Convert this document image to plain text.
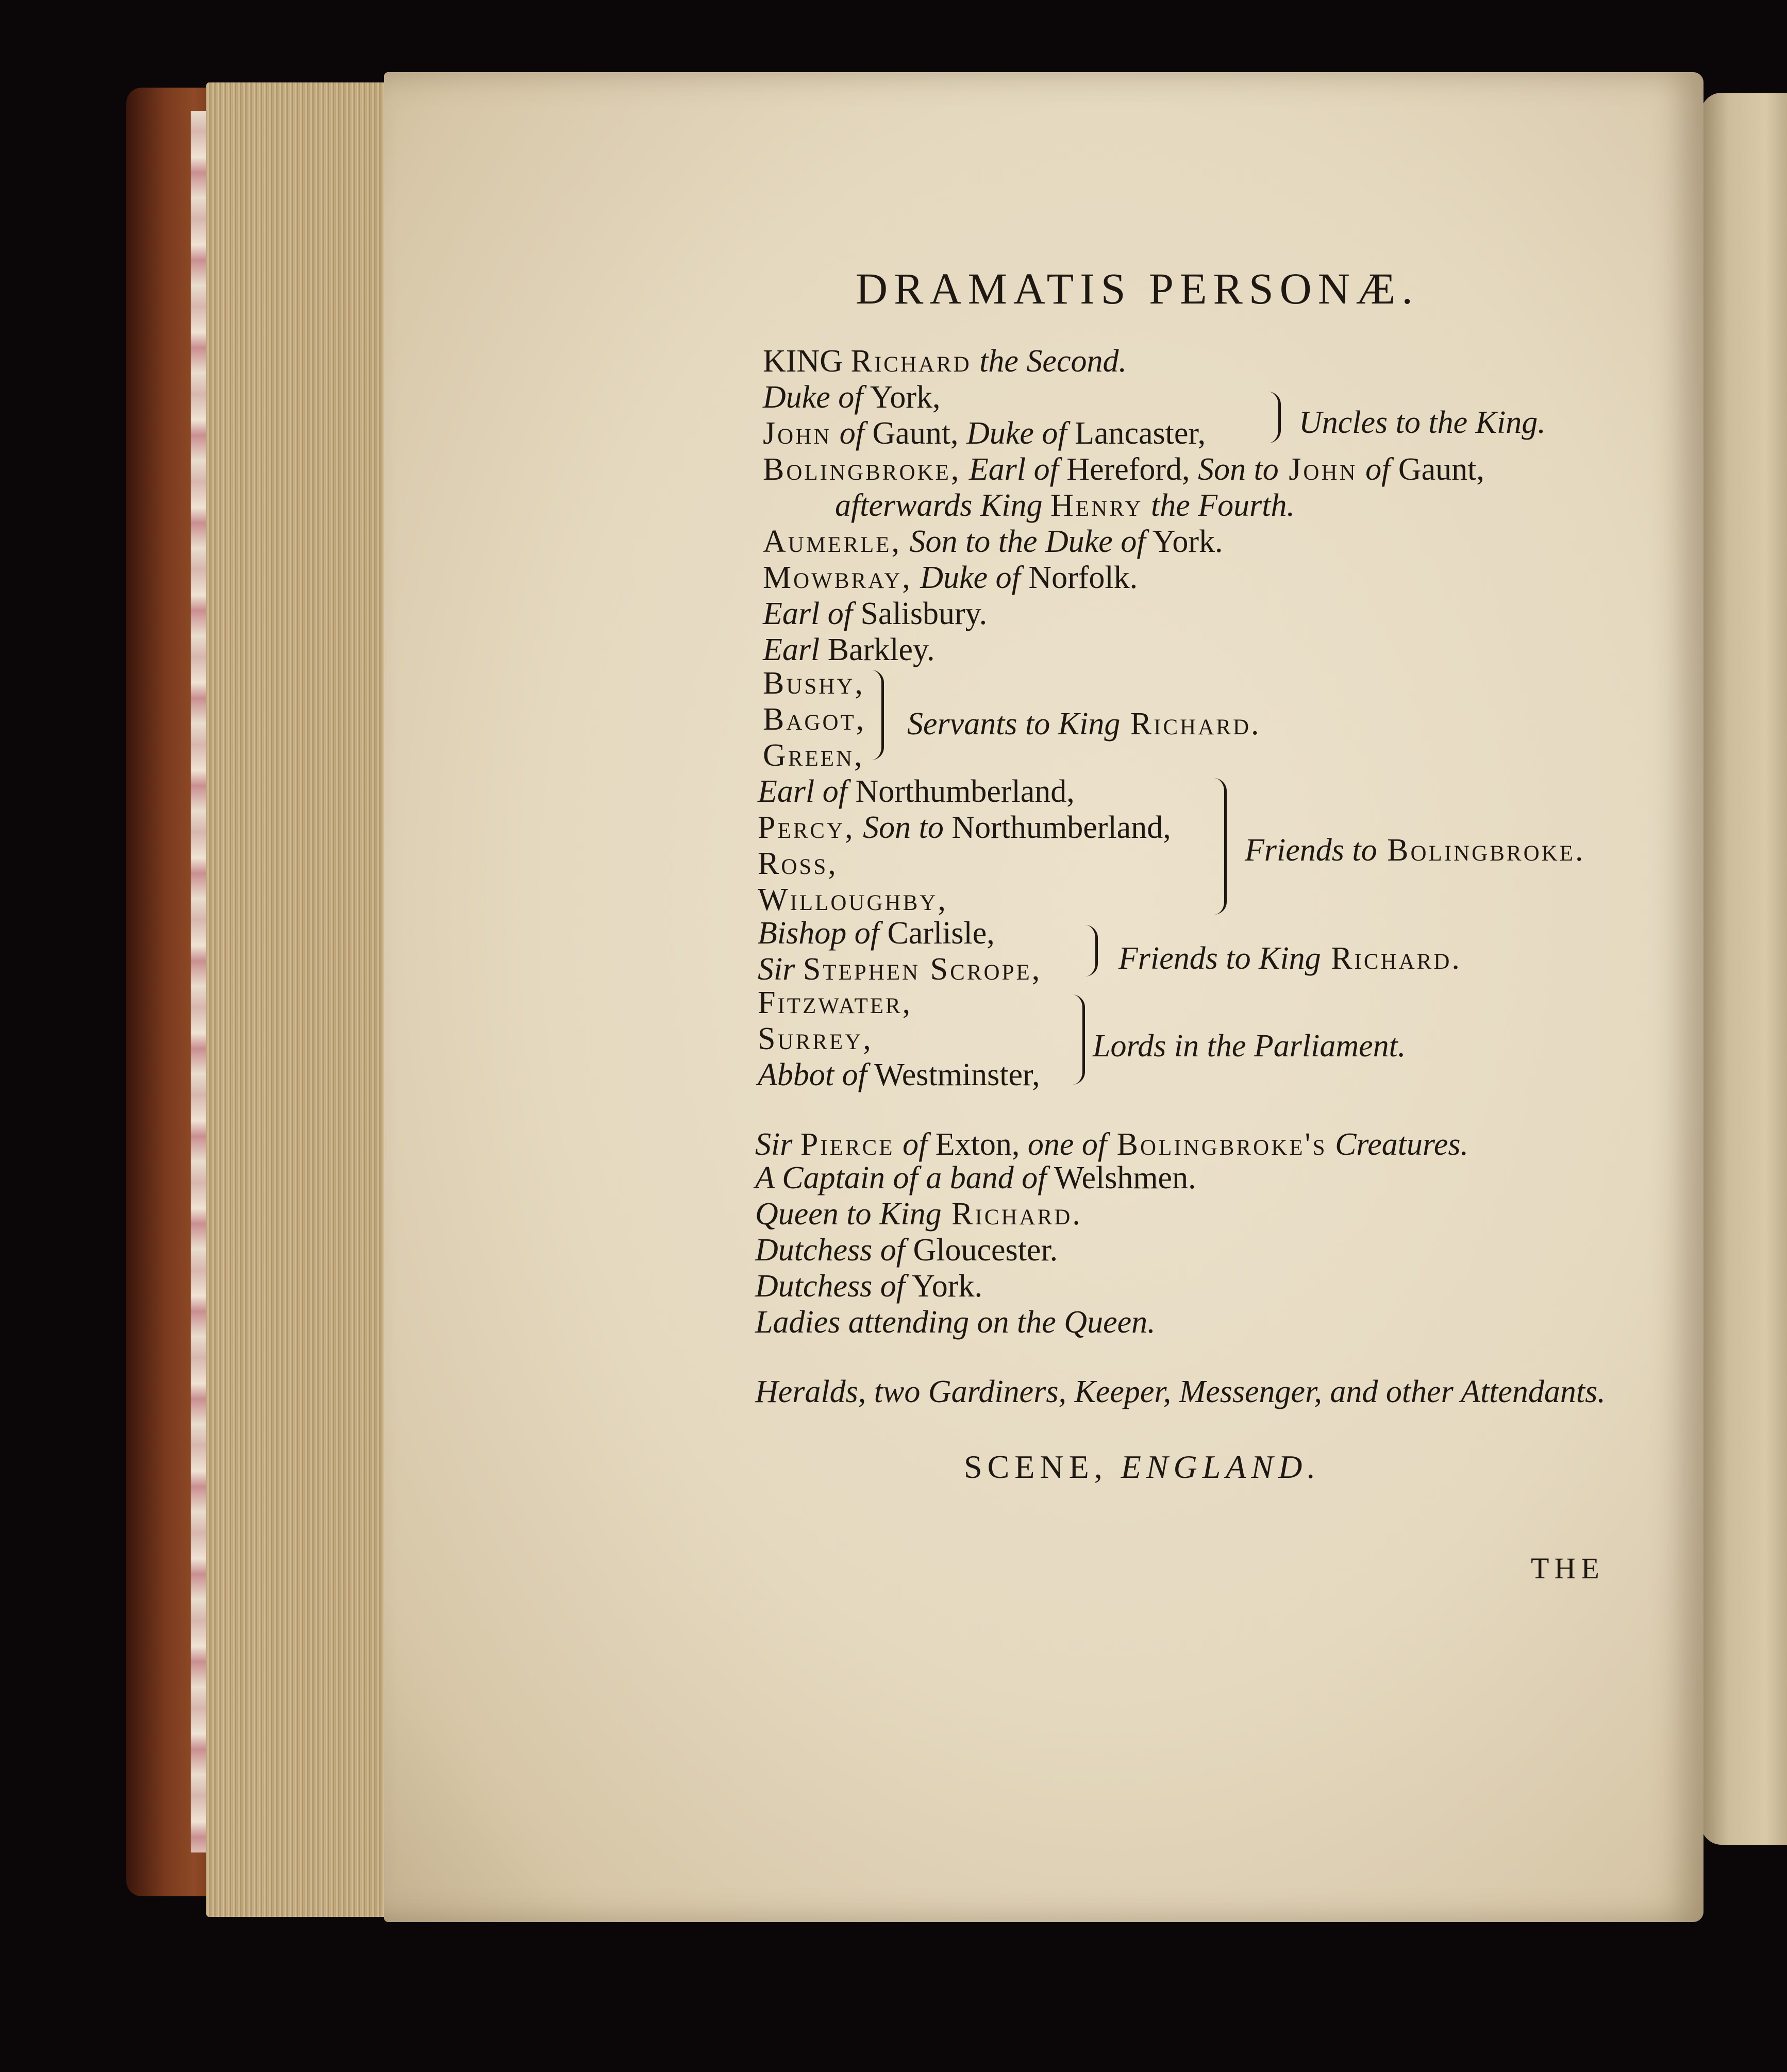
DRAMATIS PERSONÆ.
KING Richard the Second.
Duke of York,
John of Gaunt, Duke of Lancaster,	Uncles to the King.
Bolingbroke, Earl of Hereford, Son to John of Gaunt,
afterwards King Henry the Fourth.
Aumerle, Son to the Duke of York.
Mowbray, Duke of Norfolk.
Earl of Salisbury.
Earl Barkley.
Bushy,
Bagot,
Green,
Servants to King Richard.
Earl of Northumberland,
Percy, Son to Northumberland,
Ross,
Willoughby,
Friends to Bolingbroke.
Bishop of Carlisle,
Sir Stephen Scrope, Friends to King Richard.
Fitzwater,
Surrey,
Abbot of Westminster,
Lords in the Parliament.
Sir Pierce of Exton, one of Bolingbroke's Creatures.
A Captain of a band of Welshmen.
Queen to King Richard.
Dutchess of Gloucester.
Dutchess of York.
Ladies attending on the Queen.
Heralds, two Gardiners, Keeper, Messenger, and other Attendants.
SCENE, ENGLAND.
THE
